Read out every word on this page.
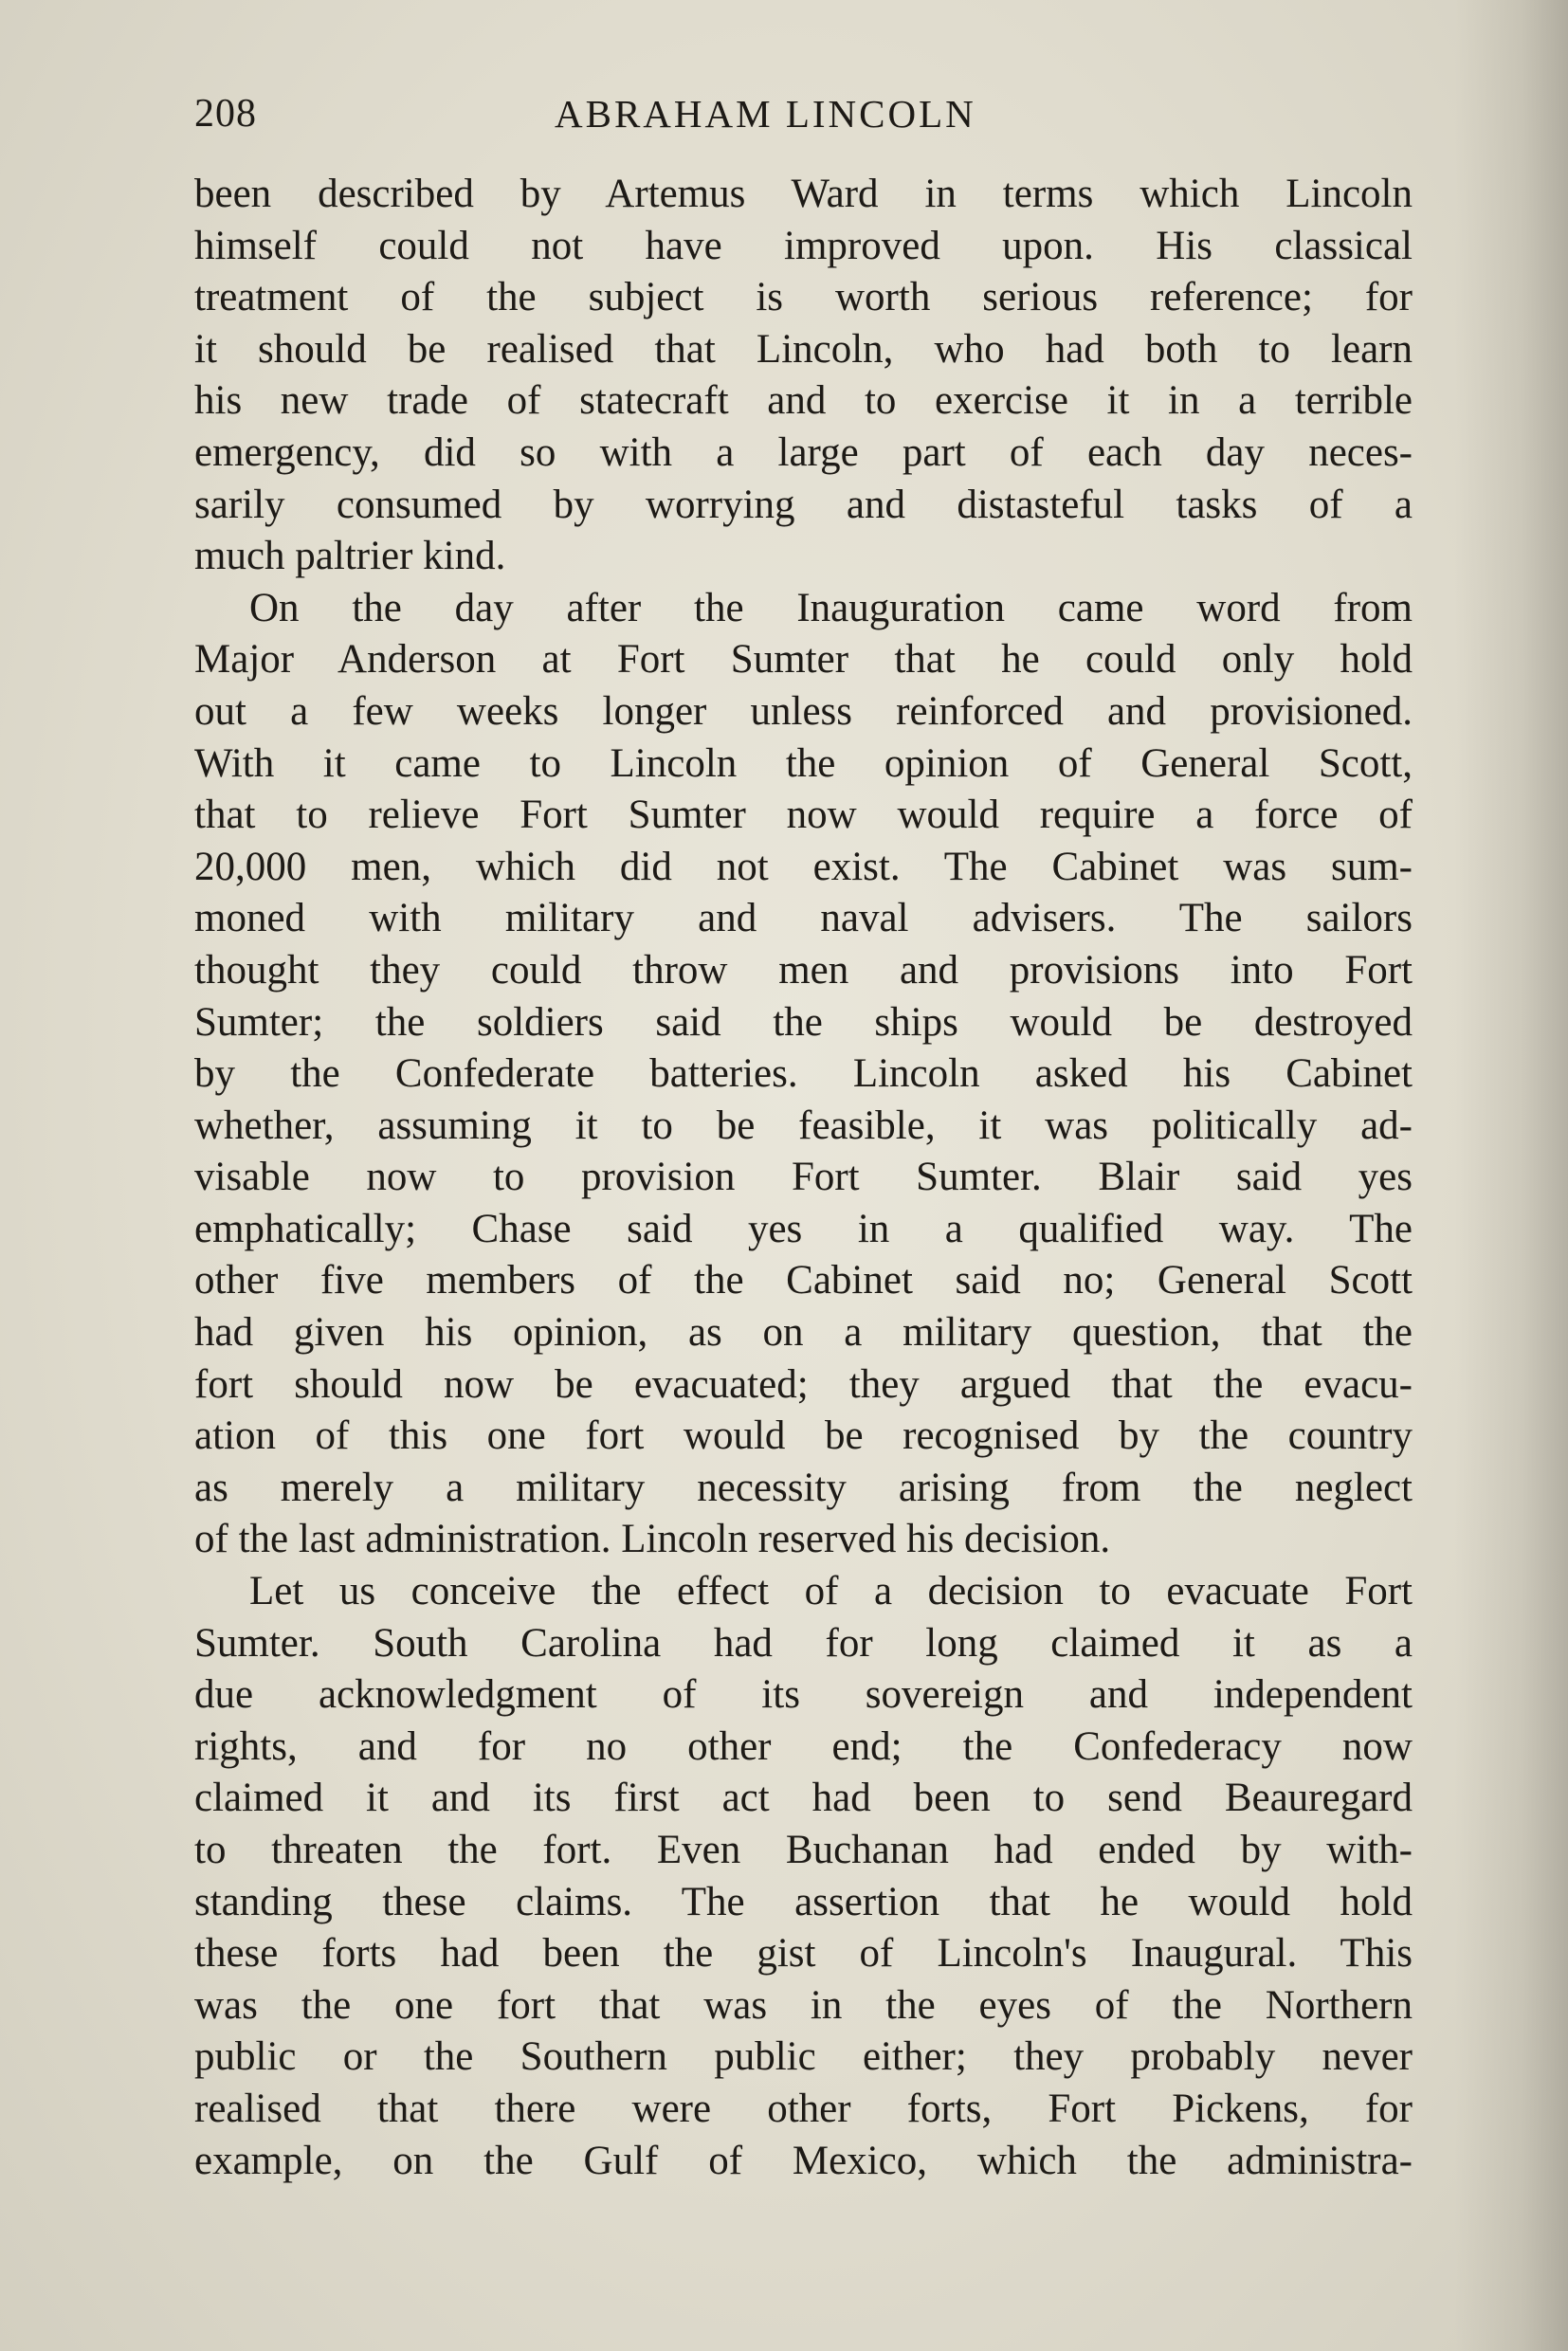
208	ABRAHAM LINCOLN
been described by Artemus Ward in terms which Lincoln
himself could not have improved upon. His classical
treatment of the subject is worth serious reference; for
it should be realised that Lincoln, who had both to learn
his new trade of statecraft and to exercise it in a terrible
emergency, did so with a large part of each day neces-
sarily consumed by worrying and distasteful tasks of a
much paltrier kind.
On the day after the Inauguration came word from
Major Anderson at Fort Sumter that he could only hold
out a few weeks longer unless reinforced and provisioned.
With it came to Lincoln the opinion of General Scott,
that to relieve Fort Sumter now would require a force of
20,000 men, which did not exist. The Cabinet was sum-
moned with military and naval advisers. The sailors
thought they could throw men and provisions into Fort
Sumter; the soldiers said the ships would be destroyed
by the Confederate batteries. Lincoln asked his Cabinet
whether, assuming it to be feasible, it was politically ad-
visable now to provision Fort Sumter. Blair said yes
emphatically; Chase said yes in a qualified way. The
other five members of the Cabinet said no; General Scott
had given his opinion, as on a military question, that the
fort should now be evacuated; they argued that the evacu-
ation of this one fort would be recognised by the country
as merely a military necessity arising from the neglect
of the last administration. Lincoln reserved his decision.
Let us conceive the effect of a decision to evacuate Fort
Sumter. South Carolina had for long claimed it as a
due acknowledgment of its sovereign and independent
rights, and for no other end; the Confederacy now
claimed it and its first act had been to send Beauregard
to threaten the fort. Even Buchanan had ended by with-
standing these claims. The assertion that he would hold
these forts had been the gist of Lincoln's Inaugural. This
was the one fort that was in the eyes of the Northern
public or the Southern public either; they probably never
realised that there were other forts, Fort Pickens, for
example, on the Gulf of Mexico, which the administra-
